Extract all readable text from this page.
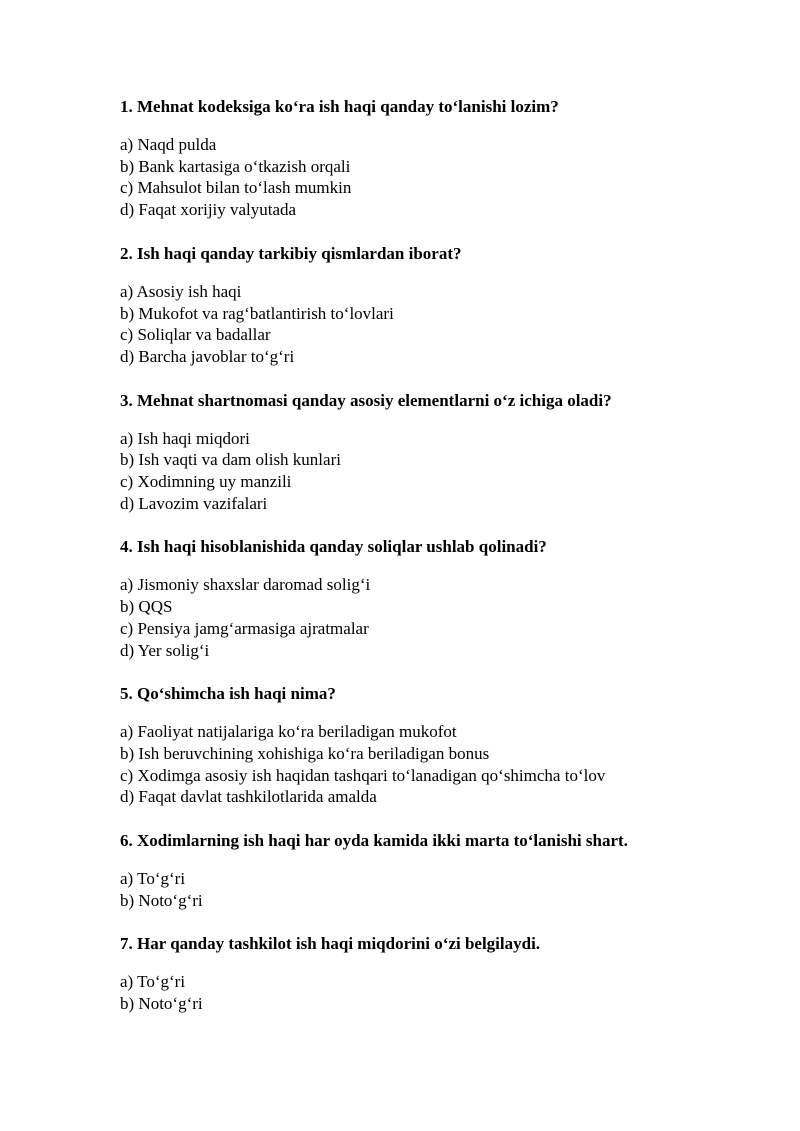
1. Mehnat kodeksiga ko‘ra ish haqi qanday to‘lanishi lozim?

a) Naqd pulda
b) Bank kartasiga o‘tkazish orqali
c) Mahsulot bilan to‘lash mumkin
d) Faqat xorijiy valyutada

2. Ish haqi qanday tarkibiy qismlardan iborat?

a) Asosiy ish haqi
b) Mukofot va rag‘batlantirish to‘lovlari
c) Soliqlar va badallar
d) Barcha javoblar to‘g‘ri

3. Mehnat shartnomasi qanday asosiy elementlarni o‘z ichiga oladi?

a) Ish haqi miqdori
b) Ish vaqti va dam olish kunlari
c) Xodimning uy manzili
d) Lavozim vazifalari

4. Ish haqi hisoblanishida qanday soliqlar ushlab qolinadi?

a) Jismoniy shaxslar daromad solig‘i
b) QQS
c) Pensiya jamg‘armasiga ajratmalar
d) Yer solig‘i

5. Qo‘shimcha ish haqi nima?

a) Faoliyat natijalariga ko‘ra beriladigan mukofot
b) Ish beruvchining xohishiga ko‘ra beriladigan bonus
c) Xodimga asosiy ish haqidan tashqari to‘lanadigan qo‘shimcha to‘lov
d) Faqat davlat tashkilotlarida amalda

6. Xodimlarning ish haqi har oyda kamida ikki marta to‘lanishi shart.

a) To‘g‘ri
b) Noto‘g‘ri

7. Har qanday tashkilot ish haqi miqdorini o‘zi belgilaydi.

a) To‘g‘ri
b) Noto‘g‘ri
